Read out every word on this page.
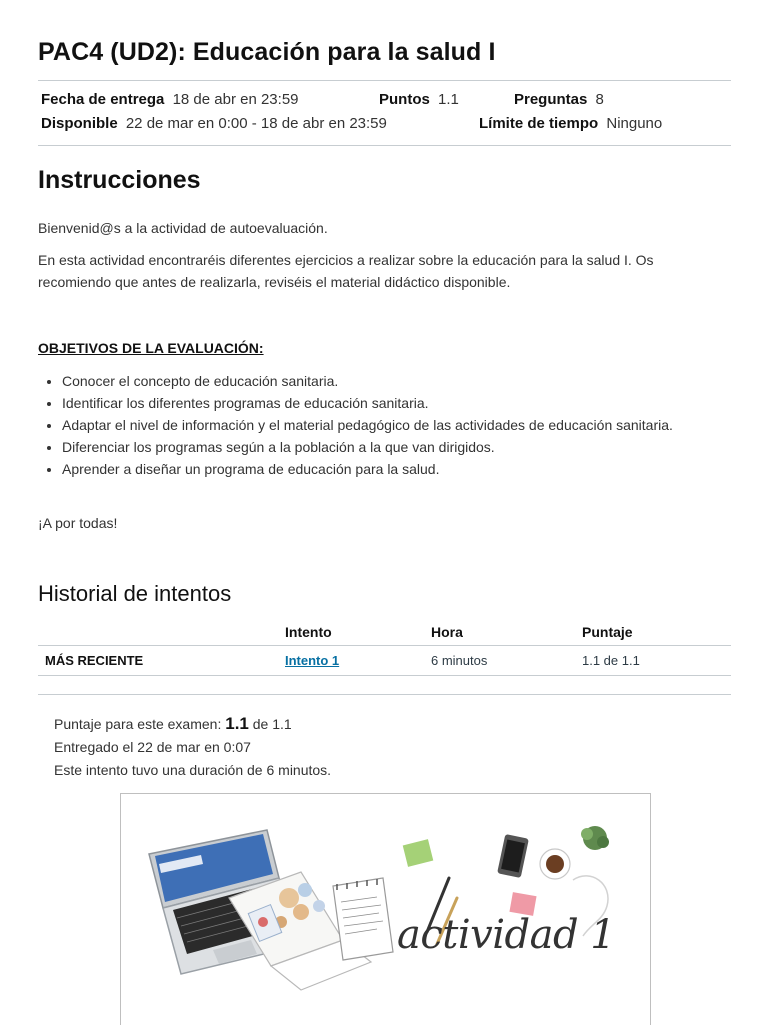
PAC4 (UD2): Educación para la salud I
Fecha de entrega 18 de abr en 23:59	Puntos 1.1	Preguntas 8
Disponible 22 de mar en 0:00 - 18 de abr en 23:59	Límite de tiempo Ninguno
Instrucciones
Bienvenid@s a la actividad de autoevaluación.
En esta actividad encontraréis diferentes ejercicios a realizar sobre la educación para la salud I. Os recomiendo que antes de realizarla, reviséis el material didáctico disponible.
OBJETIVOS DE LA EVALUACIÓN:
• Conocer el concepto de educación sanitaria.
• Identificar los diferentes programas de educación sanitaria.
• Adaptar el nivel de información y el material pedagógico de las actividades de educación sanitaria.
• Diferenciar los programas según a la población a la que van dirigidos.
• Aprender a diseñar un programa de educación para la salud.
¡A por todas!
Historial de intentos
	Intento	Hora	Puntaje
MÁS RECIENTE	Intento 1	6 minutos	1.1 de 1.1
Puntaje para este examen: 1.1 de 1.1
Entregado el 22 de mar en 0:07
Este intento tuvo una duración de 6 minutos.
actividad 1
